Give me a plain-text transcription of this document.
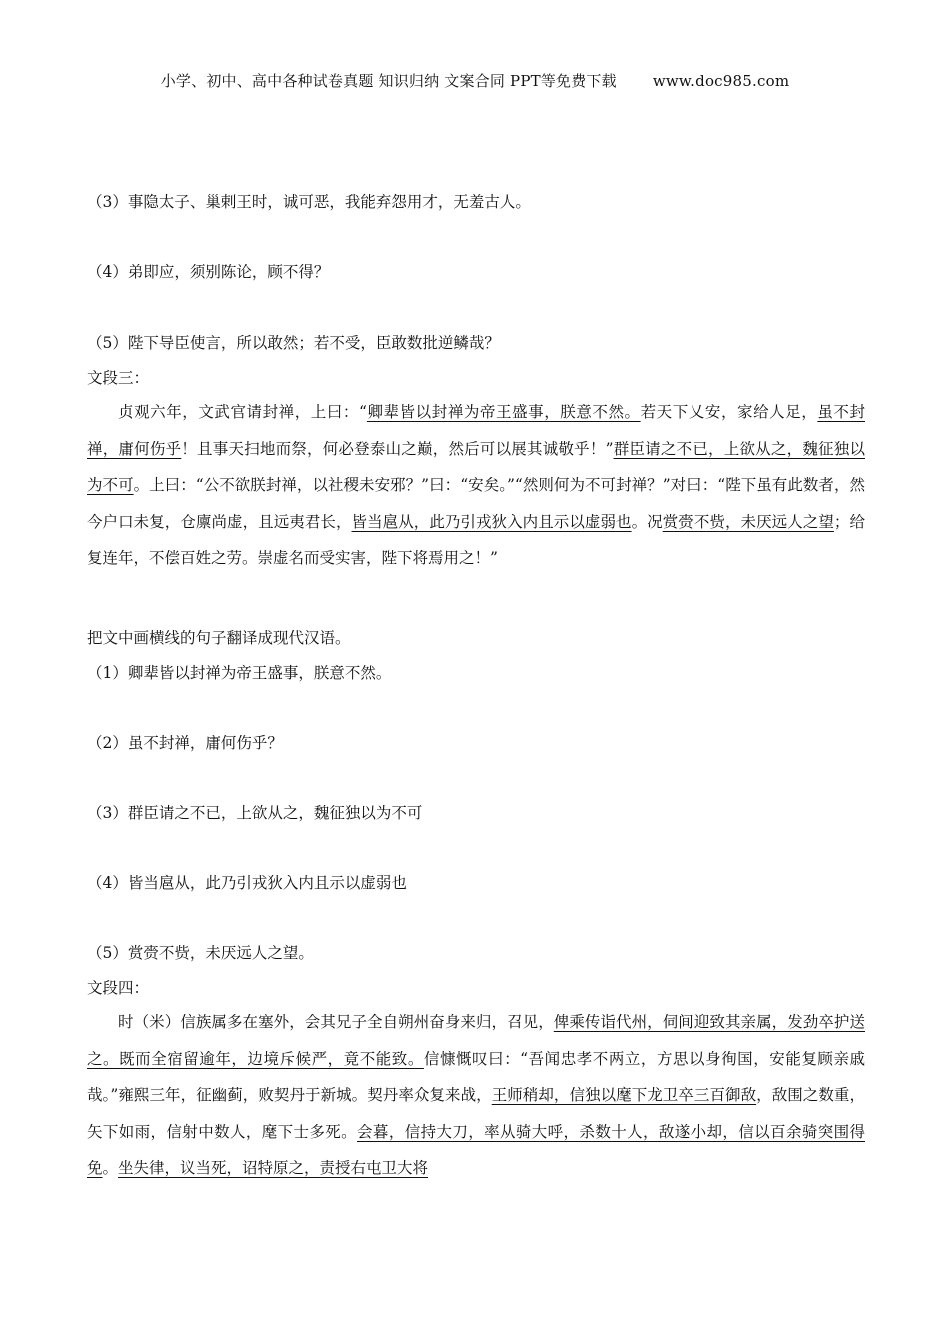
小学、初中、高中各种试卷真题 知识归纳 文案合同 PPT等免费下载 www.doc985.com
（3）事隐太子、巢剌王时，诚可恶，我能弃怨用才，无羞古人。
（4）弟即应，须别陈论，顾不得？
（5）陛下导臣使言，所以敢然；若不受，臣敢数批逆鳞哉？
文段三：

贞观六年，文武官请封禅，上曰：“卿辈皆以封禅为帝王盛事，朕意不然。若天下乂安，家给人足，虽不封禅，庸何伤乎！且事天扫地而祭，何必登泰山之巅，然后可以展其诚敬乎！”群臣请之不已，上欲从之，魏征独以为不可。上曰：“公不欲朕封禅，以社稷未安邪？”曰：“安矣。”“然则何为不可封禅？”对曰：“陛下虽有此数者，然今户口未复，仓廪尚虚，且远夷君长，皆当扈从，此乃引戎狄入内且示以虚弱也。况赏赍不赀，未厌远人之望；给复连年，不偿百姓之劳。崇虚名而受实害，陛下将焉用之！”

把文中画横线的句子翻译成现代汉语。
（1）卿辈皆以封禅为帝王盛事，朕意不然。
（2）虽不封禅，庸何伤乎？
（3）群臣请之不已，上欲从之，魏征独以为不可
（4）皆当扈从，此乃引戎狄入内且示以虚弱也
（5）赏赍不赀，未厌远人之望。
文段四：

时（米）信族属多在塞外，会其兄子全自朔州奋身来归，召见，俾乘传诣代州，伺间迎致其亲属，发劲卒护送之。既而全宿留逾年，边境斥候严，竟不能致。信慷慨叹曰：“吾闻忠孝不两立，方思以身徇国，安能复顾亲戚哉。”雍熙三年，征幽蓟，败契丹于新城。契丹率众复来战，王师稍却，信独以麾下龙卫卒三百御敌，敌围之数重，矢下如雨，信射中数人，麾下士多死。会暮，信持大刀，率从骑大呼，杀数十人，敌遂小却，信以百余骑突围得免。坐失律，议当死，诏特原之，责授右屯卫大将
